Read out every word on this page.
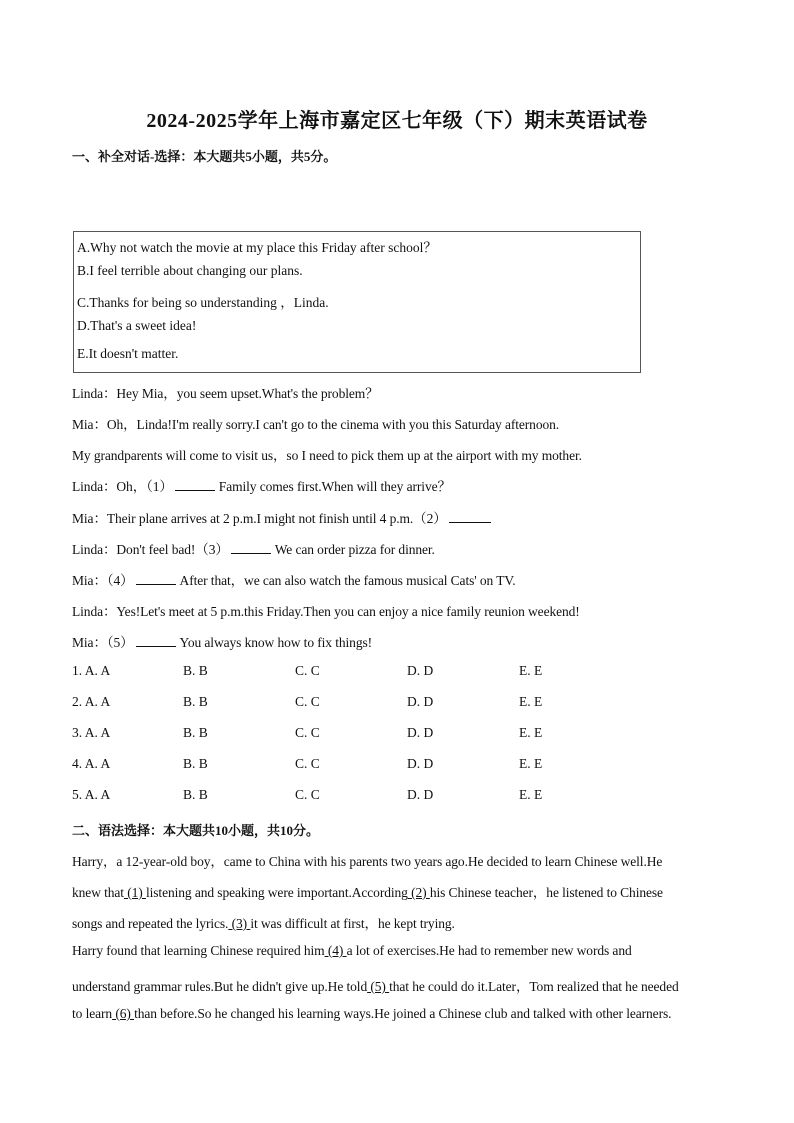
2024-2025学年上海市嘉定区七年级（下）期末英语试卷
一、补全对话-选择：本大题共5小题，共5分。
A.Why not watch the movie at my place this Friday after school？
B.I feel terrible about changing our plans.
C.Thanks for being so understanding ，Linda.
D.That's a sweet idea!
E.It doesn't matter.
Linda：Hey Mia，you seem upset.What's the problem？
Mia：Oh，Linda!I'm really sorry.I can't go to the cinema with you this Saturday afternoon.
My grandparents will come to visit us，so I need to pick them up at the airport with my mother.
Linda：Oh，（1）	Family comes first.When will they arrive？
Mia：Their plane arrives at 2 p.m.I might not finish until 4 p.m.（2）
Linda：Don't feel bad!（3）	We can order pizza for dinner.
Mia：（4）	After that，we can also watch the famous musical Cats' on TV.
Linda：Yes!Let's meet at 5 p.m.this Friday.Then you can enjoy a nice family reunion weekend!
Mia：（5）	You always know how to fix things!
1. A. A	B. B	C. C	D. D	E. E
2. A. A	B. B	C. C	D. D	E. E
3. A. A	B. B	C. C	D. D	E. E
4. A. A	B. B	C. C	D. D	E. E
5. A. A	B. B	C. C	D. D	E. E
二、语法选择：本大题共10小题，共10分。
Harry，a 12-year-old boy，came to China with his parents two years ago.He decided to learn Chinese well.He
knew that (1) listening and speaking were important.According (2) his Chinese teacher，he listened to Chinese
songs and repeated the lyrics. (3) it was difficult at first，he kept trying.
Harry found that learning Chinese required him (4) a lot of exercises.He had to remember new words and
understand grammar rules.But he didn't give up.He told (5) that he could do it.Later，Tom realized that he needed
to learn (6) than before.So he changed his learning ways.He joined a Chinese club and talked with other learners.
